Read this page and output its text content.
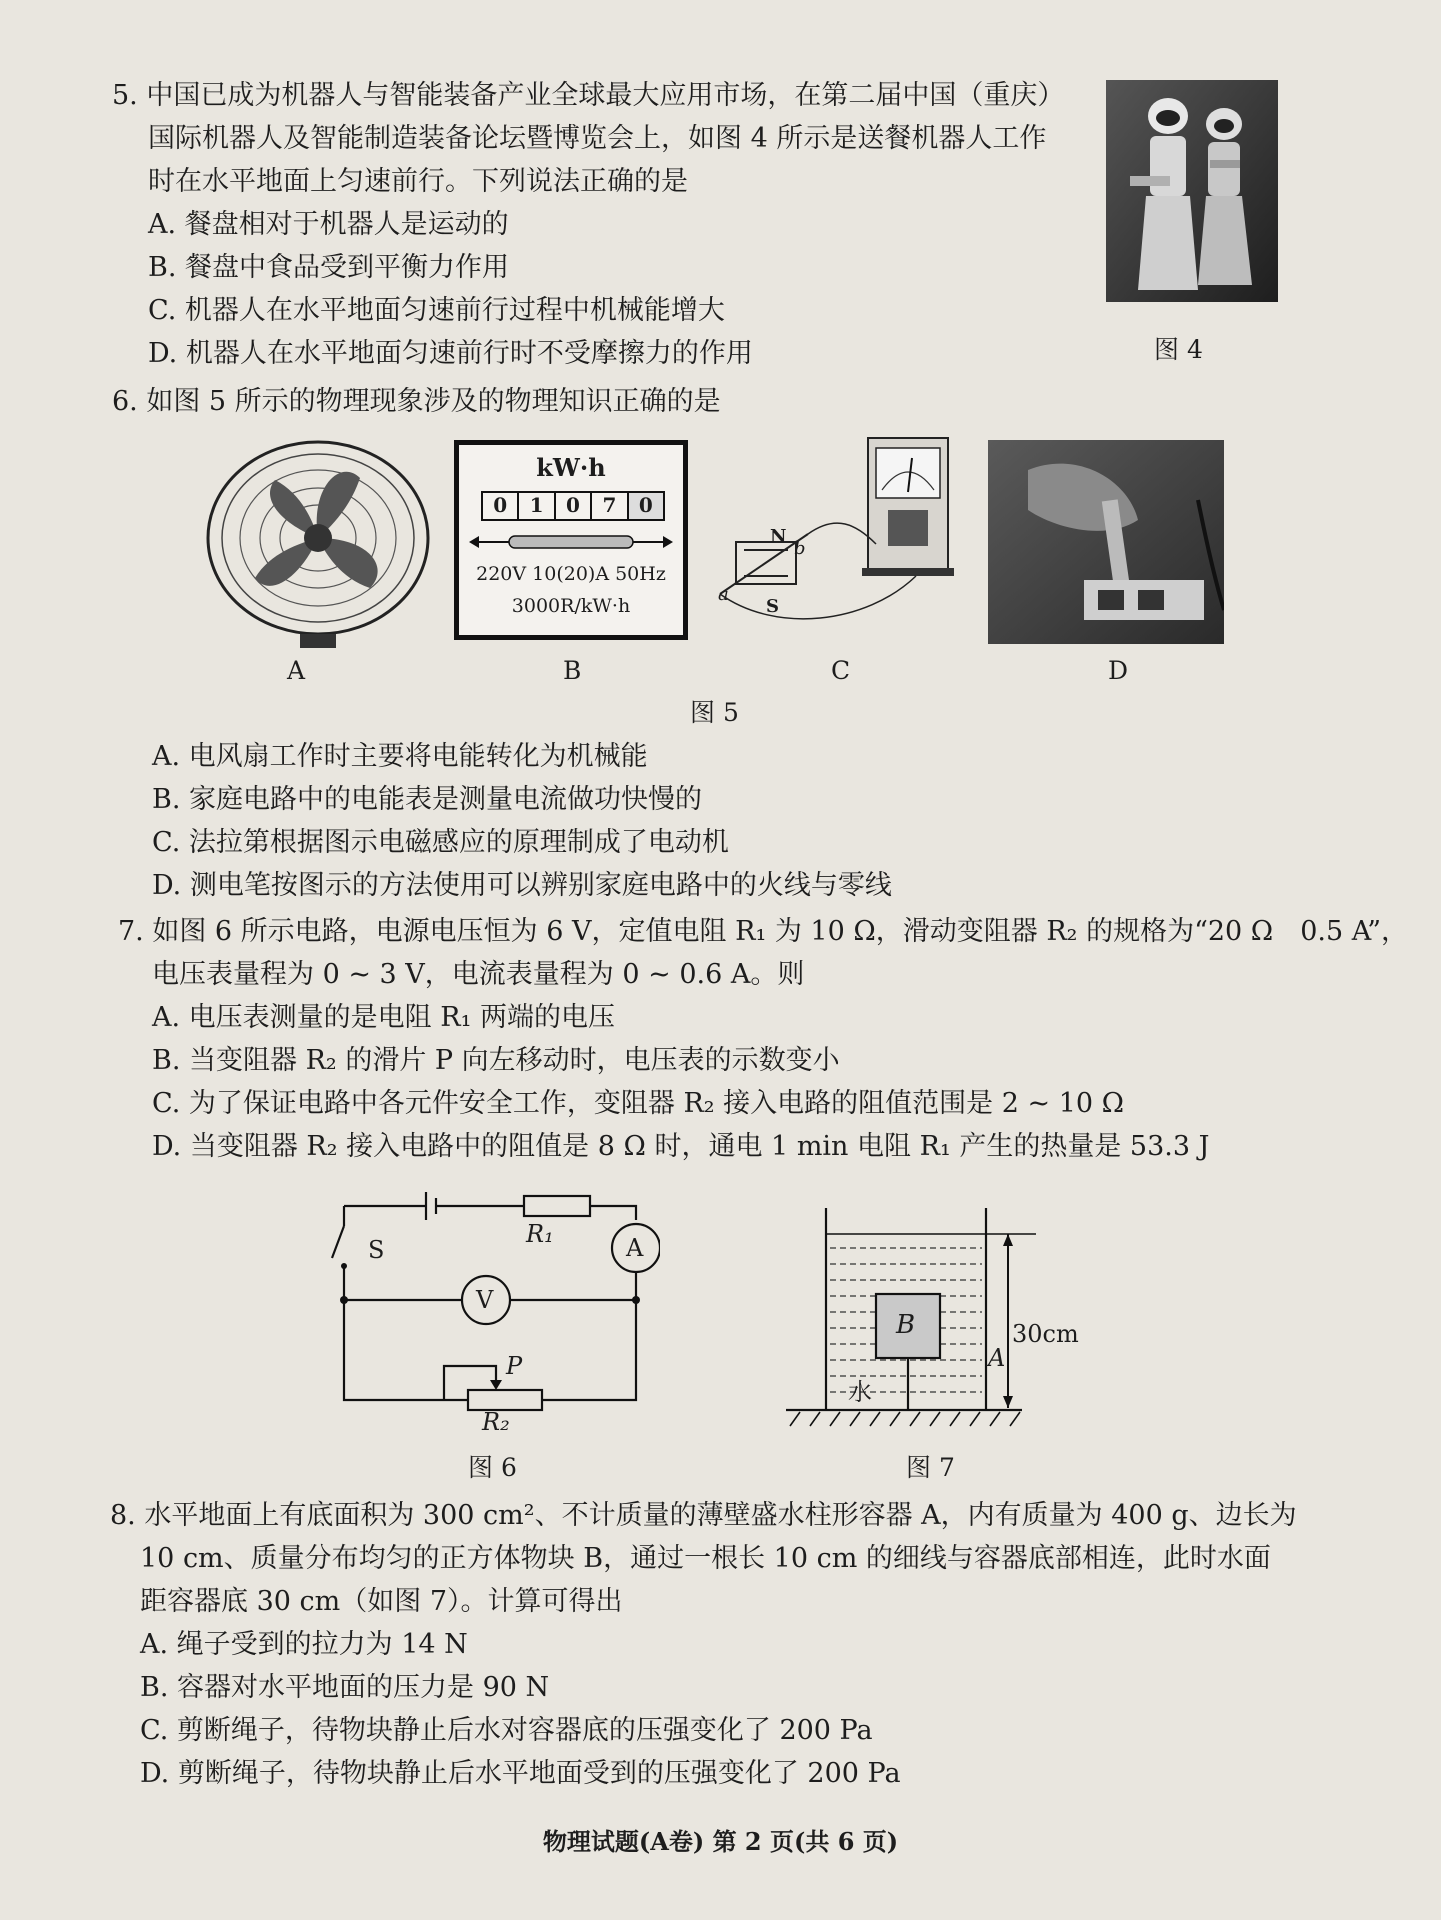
5. 中国已成为机器人与智能装备产业全球最大应用市场，在第二届中国（重庆）
国际机器人及智能制造装备论坛暨博览会上，如图 4 所示是送餐机器人工作
时在水平地面上匀速前行。下列说法正确的是
A. 餐盘相对于机器人是运动的
B. 餐盘中食品受到平衡力作用
C. 机器人在水平地面匀速前行过程中机械能增大
D. 机器人在水平地面匀速前行时不受摩擦力的作用	图 4
6. 如图 5 所示的物理现象涉及的物理知识正确的是
A
kW·h
0	1	0	7	0
220V 10(20)A 50Hz
3000R/kW·h
B
N
S
a
b
C	D
图 5
A. 电风扇工作时主要将电能转化为机械能
B. 家庭电路中的电能表是测量电流做功快慢的
C. 法拉第根据图示电磁感应的原理制成了电动机
D. 测电笔按图示的方法使用可以辨别家庭电路中的火线与零线
7. 如图 6 所示电路，电源电压恒为 6 V，定值电阻 R₁ 为 10 Ω，滑动变阻器 R₂ 的规格为“20 Ω　0.5 A”，
电压表量程为 0 ~ 3 V，电流表量程为 0 ~ 0.6 A。则
A. 电压表测量的是电阻 R₁ 两端的电压
B. 当变阻器 R₂ 的滑片 P 向左移动时，电压表的示数变小
C. 为了保证电路中各元件安全工作，变阻器 R₂ 接入电路的阻值范围是 2 ~ 10 Ω
D. 当变阻器 R₂ 接入电路中的阻值是 8 Ω 时，通电 1 min 电阻 R₁ 产生的热量是 53.3 J
S
R₁	A
V
P
R₂
图 6
B
水
A
30cm
图 7
8. 水平地面上有底面积为 300 cm²、不计质量的薄壁盛水柱形容器 A，内有质量为 400 g、边长为
10 cm、质量分布均匀的正方体物块 B，通过一根长 10 cm 的细线与容器底部相连，此时水面
距容器底 30 cm（如图 7）。计算可得出
A. 绳子受到的拉力为 14 N
B. 容器对水平地面的压力是 90 N
C. 剪断绳子，待物块静止后水对容器底的压强变化了 200 Pa
D. 剪断绳子，待物块静止后水平地面受到的压强变化了 200 Pa
物理试题(A卷) 第 2 页(共 6 页)
